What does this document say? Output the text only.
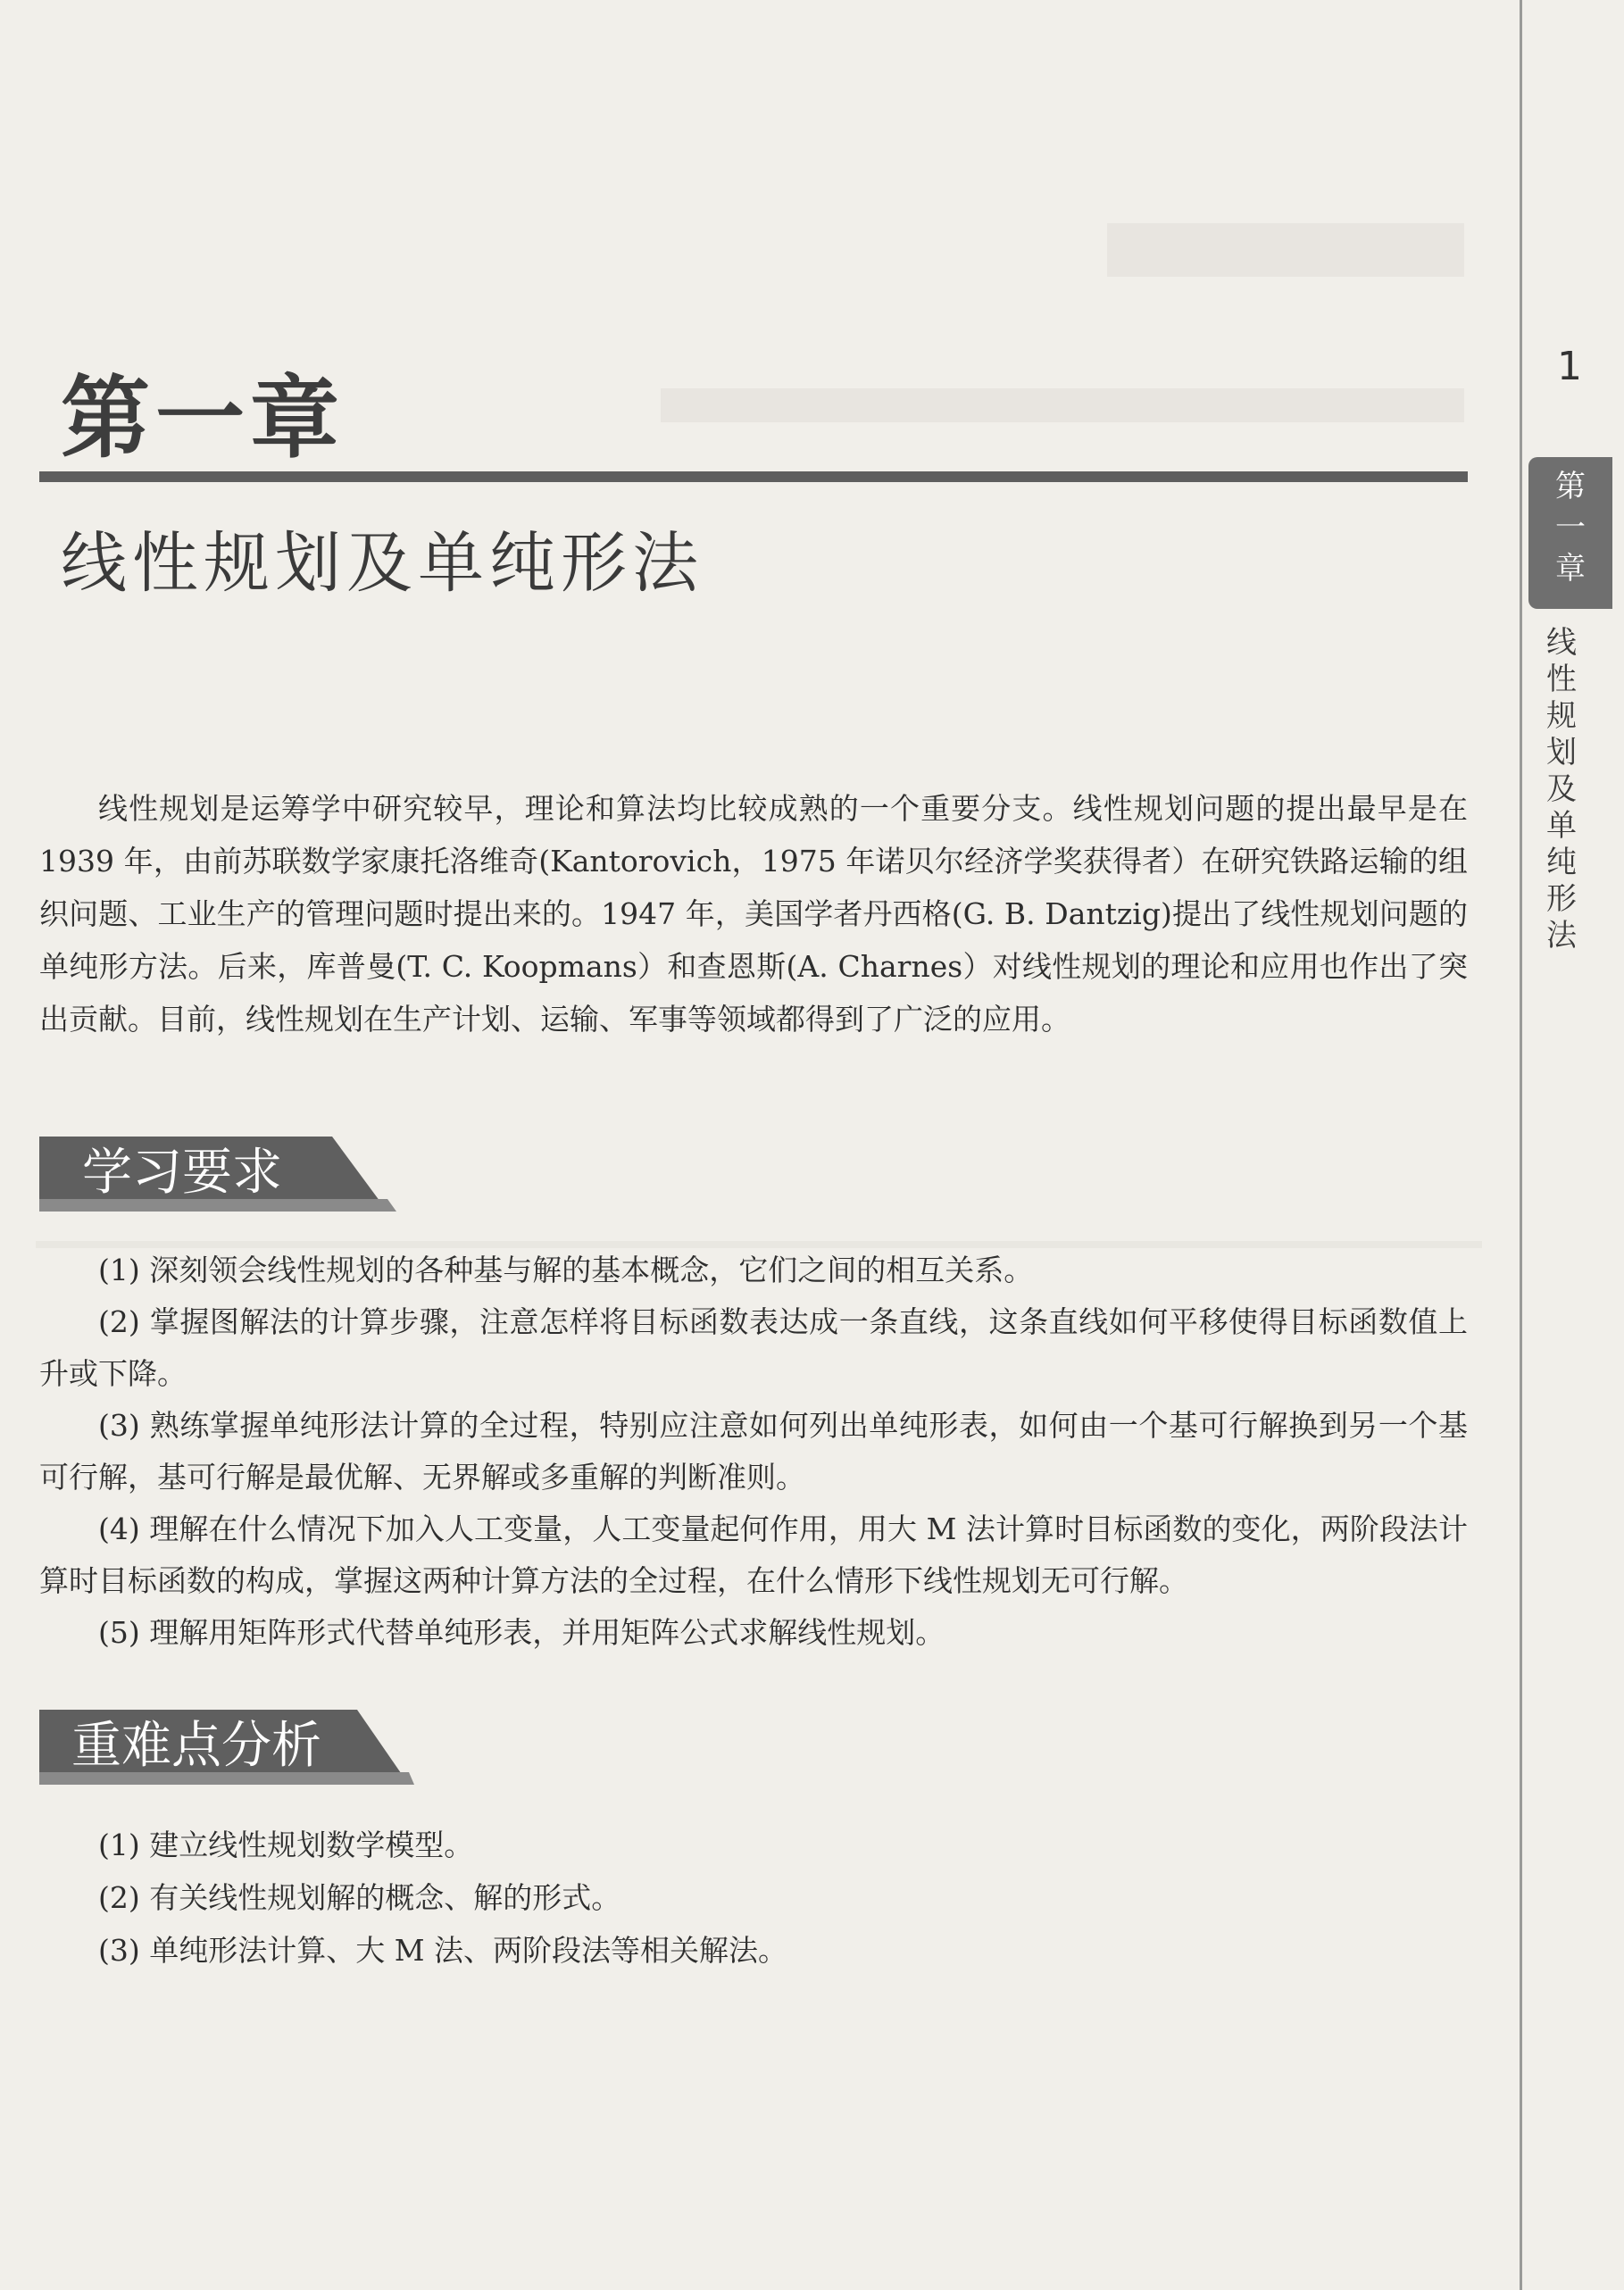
1
第
一
章
线
性
规
划
及
单
纯
形
法
第一章
线性规划及单纯形法

线性规划是运筹学中研究较早，理论和算法均比较成熟的一个重要分支。线性规划问题的提出最早是在 1939 年，由前苏联数学家康托洛维奇(Kantorovich，1975 年诺贝尔经济学奖获得者）在研究铁路运输的组织问题、工业生产的管理问题时提出来的。1947 年，美国学者丹西格(G. B. Dantzig)提出了线性规划问题的单纯形方法。后来，库普曼(T. C. Koopmans）和查恩斯(A. Charnes）对线性规划的理论和应用也作出了突出贡献。目前，线性规划在生产计划、运输、军事等领域都得到了广泛的应用。

学习要求
(1) 深刻领会线性规划的各种基与解的基本概念，它们之间的相互关系。
(2) 掌握图解法的计算步骤，注意怎样将目标函数表达成一条直线，这条直线如何平移使得目标函数值上升或下降。
(3) 熟练掌握单纯形法计算的全过程，特别应注意如何列出单纯形表，如何由一个基可行解换到另一个基可行解，基可行解是最优解、无界解或多重解的判断准则。
(4) 理解在什么情况下加入人工变量，人工变量起何作用，用大 M 法计算时目标函数的变化，两阶段法计算时目标函数的构成，掌握这两种计算方法的全过程，在什么情形下线性规划无可行解。
(5) 理解用矩阵形式代替单纯形表，并用矩阵公式求解线性规划。
重难点分析
(1) 建立线性规划数学模型。
(2) 有关线性规划解的概念、解的形式。
(3) 单纯形法计算、大 M 法、两阶段法等相关解法。
